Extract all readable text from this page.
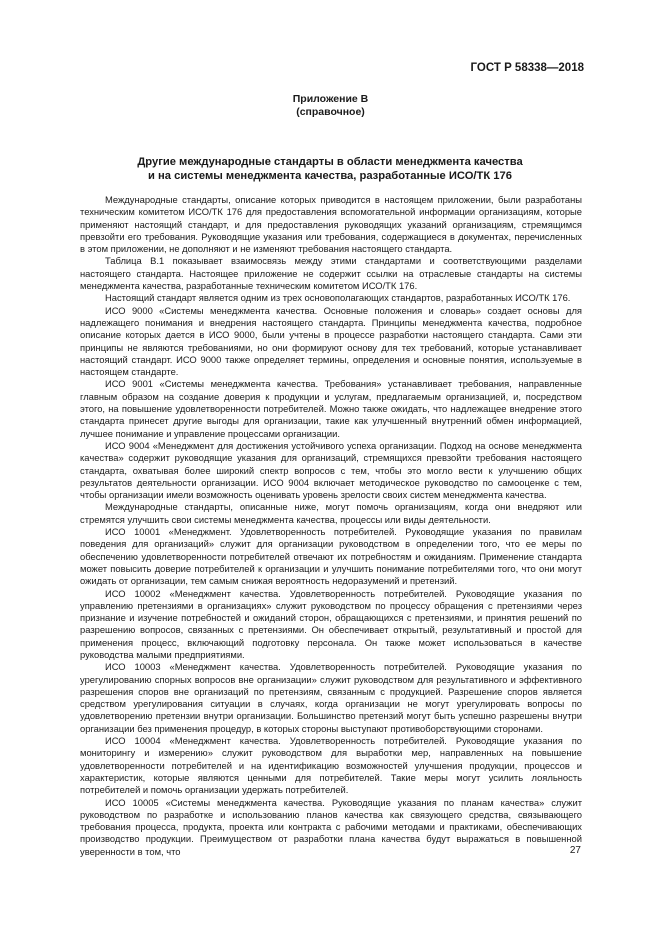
ГОСТ Р 58338—2018
Приложение В
(справочное)
Другие международные стандарты в области менеджмента качества
и на системы менеджмента качества, разработанные ИСО/ТК 176

Международные стандарты, описание которых приводится в настоящем приложении, были разработаны техническим комитетом ИСО/ТК 176 для предоставления вспомогательной информации организациям, которые применяют настоящий стандарт, и для предоставления руководящих указаний организациям, стремящимся превзойти его требования. Руководящие указания или требования, содержащиеся в документах, перечисленных в этом приложении, не дополняют и не изменяют требования настоящего стандарта.

Таблица В.1 показывает взаимосвязь между этими стандартами и соответствующими разделами настоящего стандарта. Настоящее приложение не содержит ссылки на отраслевые стандарты на системы менеджмента качества, разработанные техническим комитетом ИСО/ТК 176.

Настоящий стандарт является одним из трех основополагающих стандартов, разработанных ИСО/ТК 176.

ИСО 9000 «Системы менеджмента качества. Основные положения и словарь» создает основы для надлежащего понимания и внедрения настоящего стандарта. Принципы менеджмента качества, подробное описание которых дается в ИСО 9000, были учтены в процессе разработки настоящего стандарта. Сами эти принципы не являются требованиями, но они формируют основу для тех требований, которые устанавливает настоящий стандарт. ИСО 9000 также определяет термины, определения и основные понятия, используемые в настоящем стандарте.

ИСО 9001 «Системы менеджмента качества. Требования» устанавливает требования, направленные главным образом на создание доверия к продукции и услугам, предлагаемым организацией, и, посредством этого, на повышение удовлетворенности потребителей. Можно также ожидать, что надлежащее внедрение этого стандарта принесет другие выгоды для организации, такие как улучшенный внутренний обмен информацией, лучшее понимание и управление процессами организации.

ИСО 9004 «Менеджмент для достижения устойчивого успеха организации. Подход на основе менеджмента качества» содержит руководящие указания для организаций, стремящихся превзойти требования настоящего стандарта, охватывая более широкий спектр вопросов с тем, чтобы это могло вести к улучшению общих результатов деятельности организации. ИСО 9004 включает методическое руководство по самооценке с тем, чтобы организации имели возможность оценивать уровень зрелости своих систем менеджмента качества.

Международные стандарты, описанные ниже, могут помочь организациям, когда они внедряют или стремятся улучшить свои системы менеджмента качества, процессы или виды деятельности.

ИСО 10001 «Менеджмент. Удовлетворенность потребителей. Руководящие указания по правилам поведения для организаций» служит для организации руководством в определении того, что ее меры по обеспечению удовлетворенности потребителей отвечают их потребностям и ожиданиям. Применение стандарта может повысить доверие потребителей к организации и улучшить понимание потребителями того, что они могут ожидать от организации, тем самым снижая вероятность недоразумений и претензий.

ИСО 10002 «Менеджмент качества. Удовлетворенность потребителей. Руководящие указания по управлению претензиями в организациях» служит руководством по процессу обращения с претензиями через признание и изучение потребностей и ожиданий сторон, обращающихся с претензиями, и принятия решений по разрешению вопросов, связанных с претензиями. Он обеспечивает открытый, результативный и простой для применения процесс, включающий подготовку персонала. Он также может использоваться в качестве руководства малыми предприятиями.

ИСО 10003 «Менеджмент качества. Удовлетворенность потребителей. Руководящие указания по урегулированию спорных вопросов вне организации» служит руководством для результативного и эффективного разрешения споров вне организаций по претензиям, связанным с продукцией. Разрешение споров является средством урегулирования ситуации в случаях, когда организации не могут урегулировать вопросы по удовлетворению претензии внутри организации. Большинство претензий могут быть успешно разрешены внутри организации без применения процедур, в которых стороны выступают противоборствующими сторонами.

ИСО 10004 «Менеджмент качества. Удовлетворенность потребителей. Руководящие указания по мониторингу и измерению» служит руководством для выработки мер, направленных на повышение удовлетворенности потребителей и на идентификацию возможностей улучшения продукции, процессов и характеристик, которые являются ценными для потребителей. Такие меры могут усилить лояльность потребителей и помочь организации удержать потребителей.

ИСО 10005 «Системы менеджмента качества. Руководящие указания по планам качества» служит руководством по разработке и использованию планов качества как связующего средства, связывающего требования процесса, продукта, проекта или контракта с рабочими методами и практиками, обеспечивающих производство продукции. Преимуществом от разработки плана качества будут выражаться в повышенной уверенности в том, что	27
